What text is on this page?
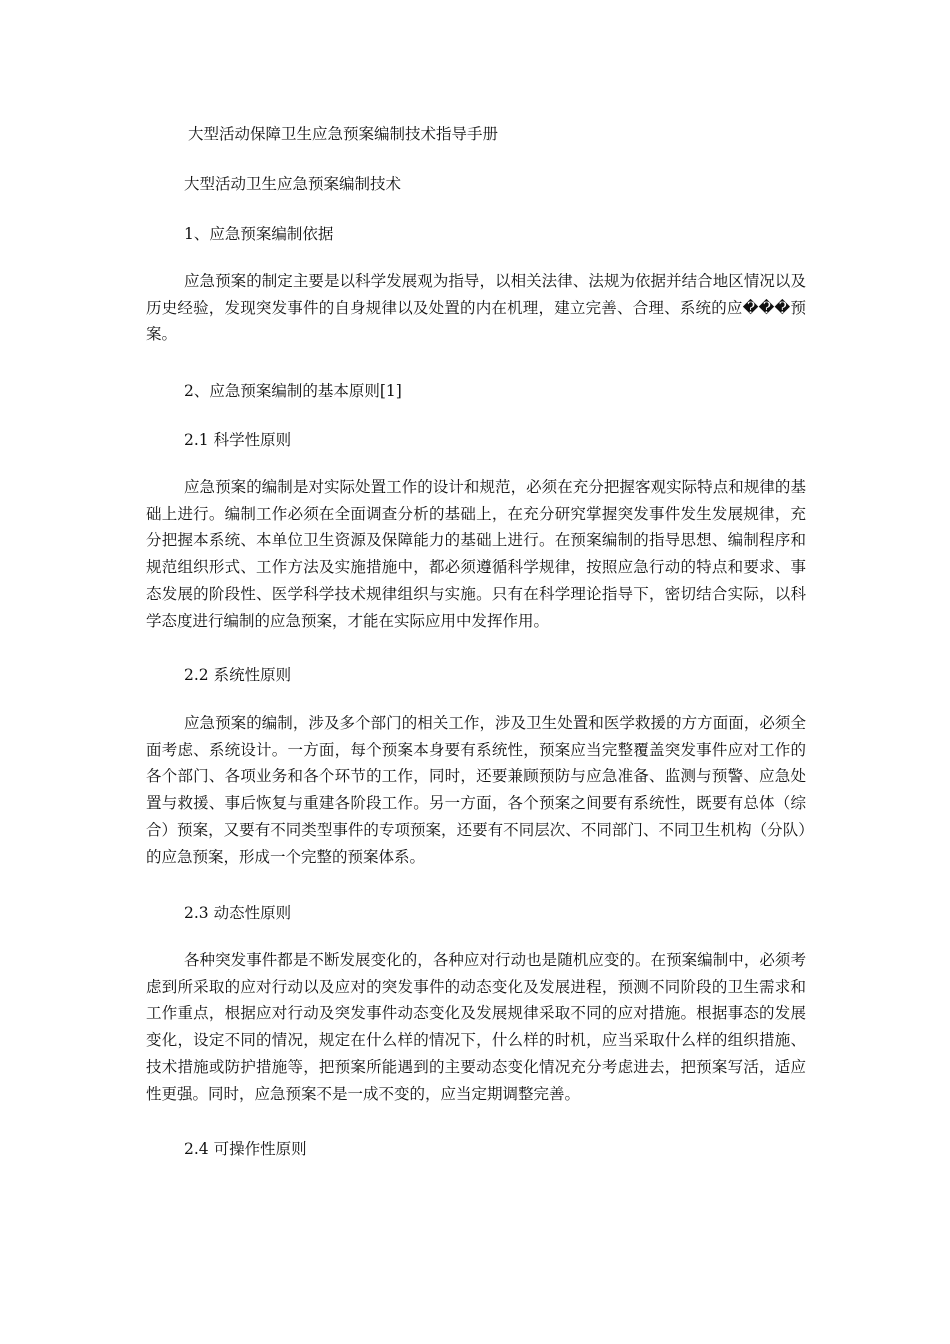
大型活动保障卫生应急预案编制技术指导手册
大型活动卫生应急预案编制技术
1、应急预案编制依据
应急预案的制定主要是以科学发展观为指导，以相关法律、法规为依据并结合地区情况以及历史经验，发现突发事件的自身规律以及处置的内在机理，建立完善、合理、系统的应���预案。
2、应急预案编制的基本原则[1]
2.1 科学性原则
应急预案的编制是对实际处置工作的设计和规范，必须在充分把握客观实际特点和规律的基础上进行。编制工作必须在全面调查分析的基础上，在充分研究掌握突发事件发生发展规律，充分把握本系统、本单位卫生资源及保障能力的基础上进行。在预案编制的指导思想、编制程序和规范组织形式、工作方法及实施措施中，都必须遵循科学规律，按照应急行动的特点和要求、事态发展的阶段性、医学科学技术规律组织与实施。只有在科学理论指导下，密切结合实际，以科学态度进行编制的应急预案，才能在实际应用中发挥作用。
2.2 系统性原则
应急预案的编制，涉及多个部门的相关工作，涉及卫生处置和医学救援的方方面面，必须全面考虑、系统设计。一方面，每个预案本身要有系统性，预案应当完整覆盖突发事件应对工作的各个部门、各项业务和各个环节的工作，同时，还要兼顾预防与应急准备、监测与预警、应急处置与救援、事后恢复与重建各阶段工作。另一方面，各个预案之间要有系统性，既要有总体（综合）预案，又要有不同类型事件的专项预案，还要有不同层次、不同部门、不同卫生机构（分队）的应急预案，形成一个完整的预案体系。
2.3 动态性原则
各种突发事件都是不断发展变化的，各种应对行动也是随机应变的。在预案编制中，必须考虑到所采取的应对行动以及应对的突发事件的动态变化及发展进程，预测不同阶段的卫生需求和工作重点，根据应对行动及突发事件动态变化及发展规律采取不同的应对措施。根据事态的发展变化，设定不同的情况，规定在什么样的情况下，什么样的时机，应当采取什么样的组织措施、技术措施或防护措施等，把预案所能遇到的主要动态变化情况充分考虑进去，把预案写活，适应性更强。同时，应急预案不是一成不变的，应当定期调整完善。
2.4 可操作性原则
